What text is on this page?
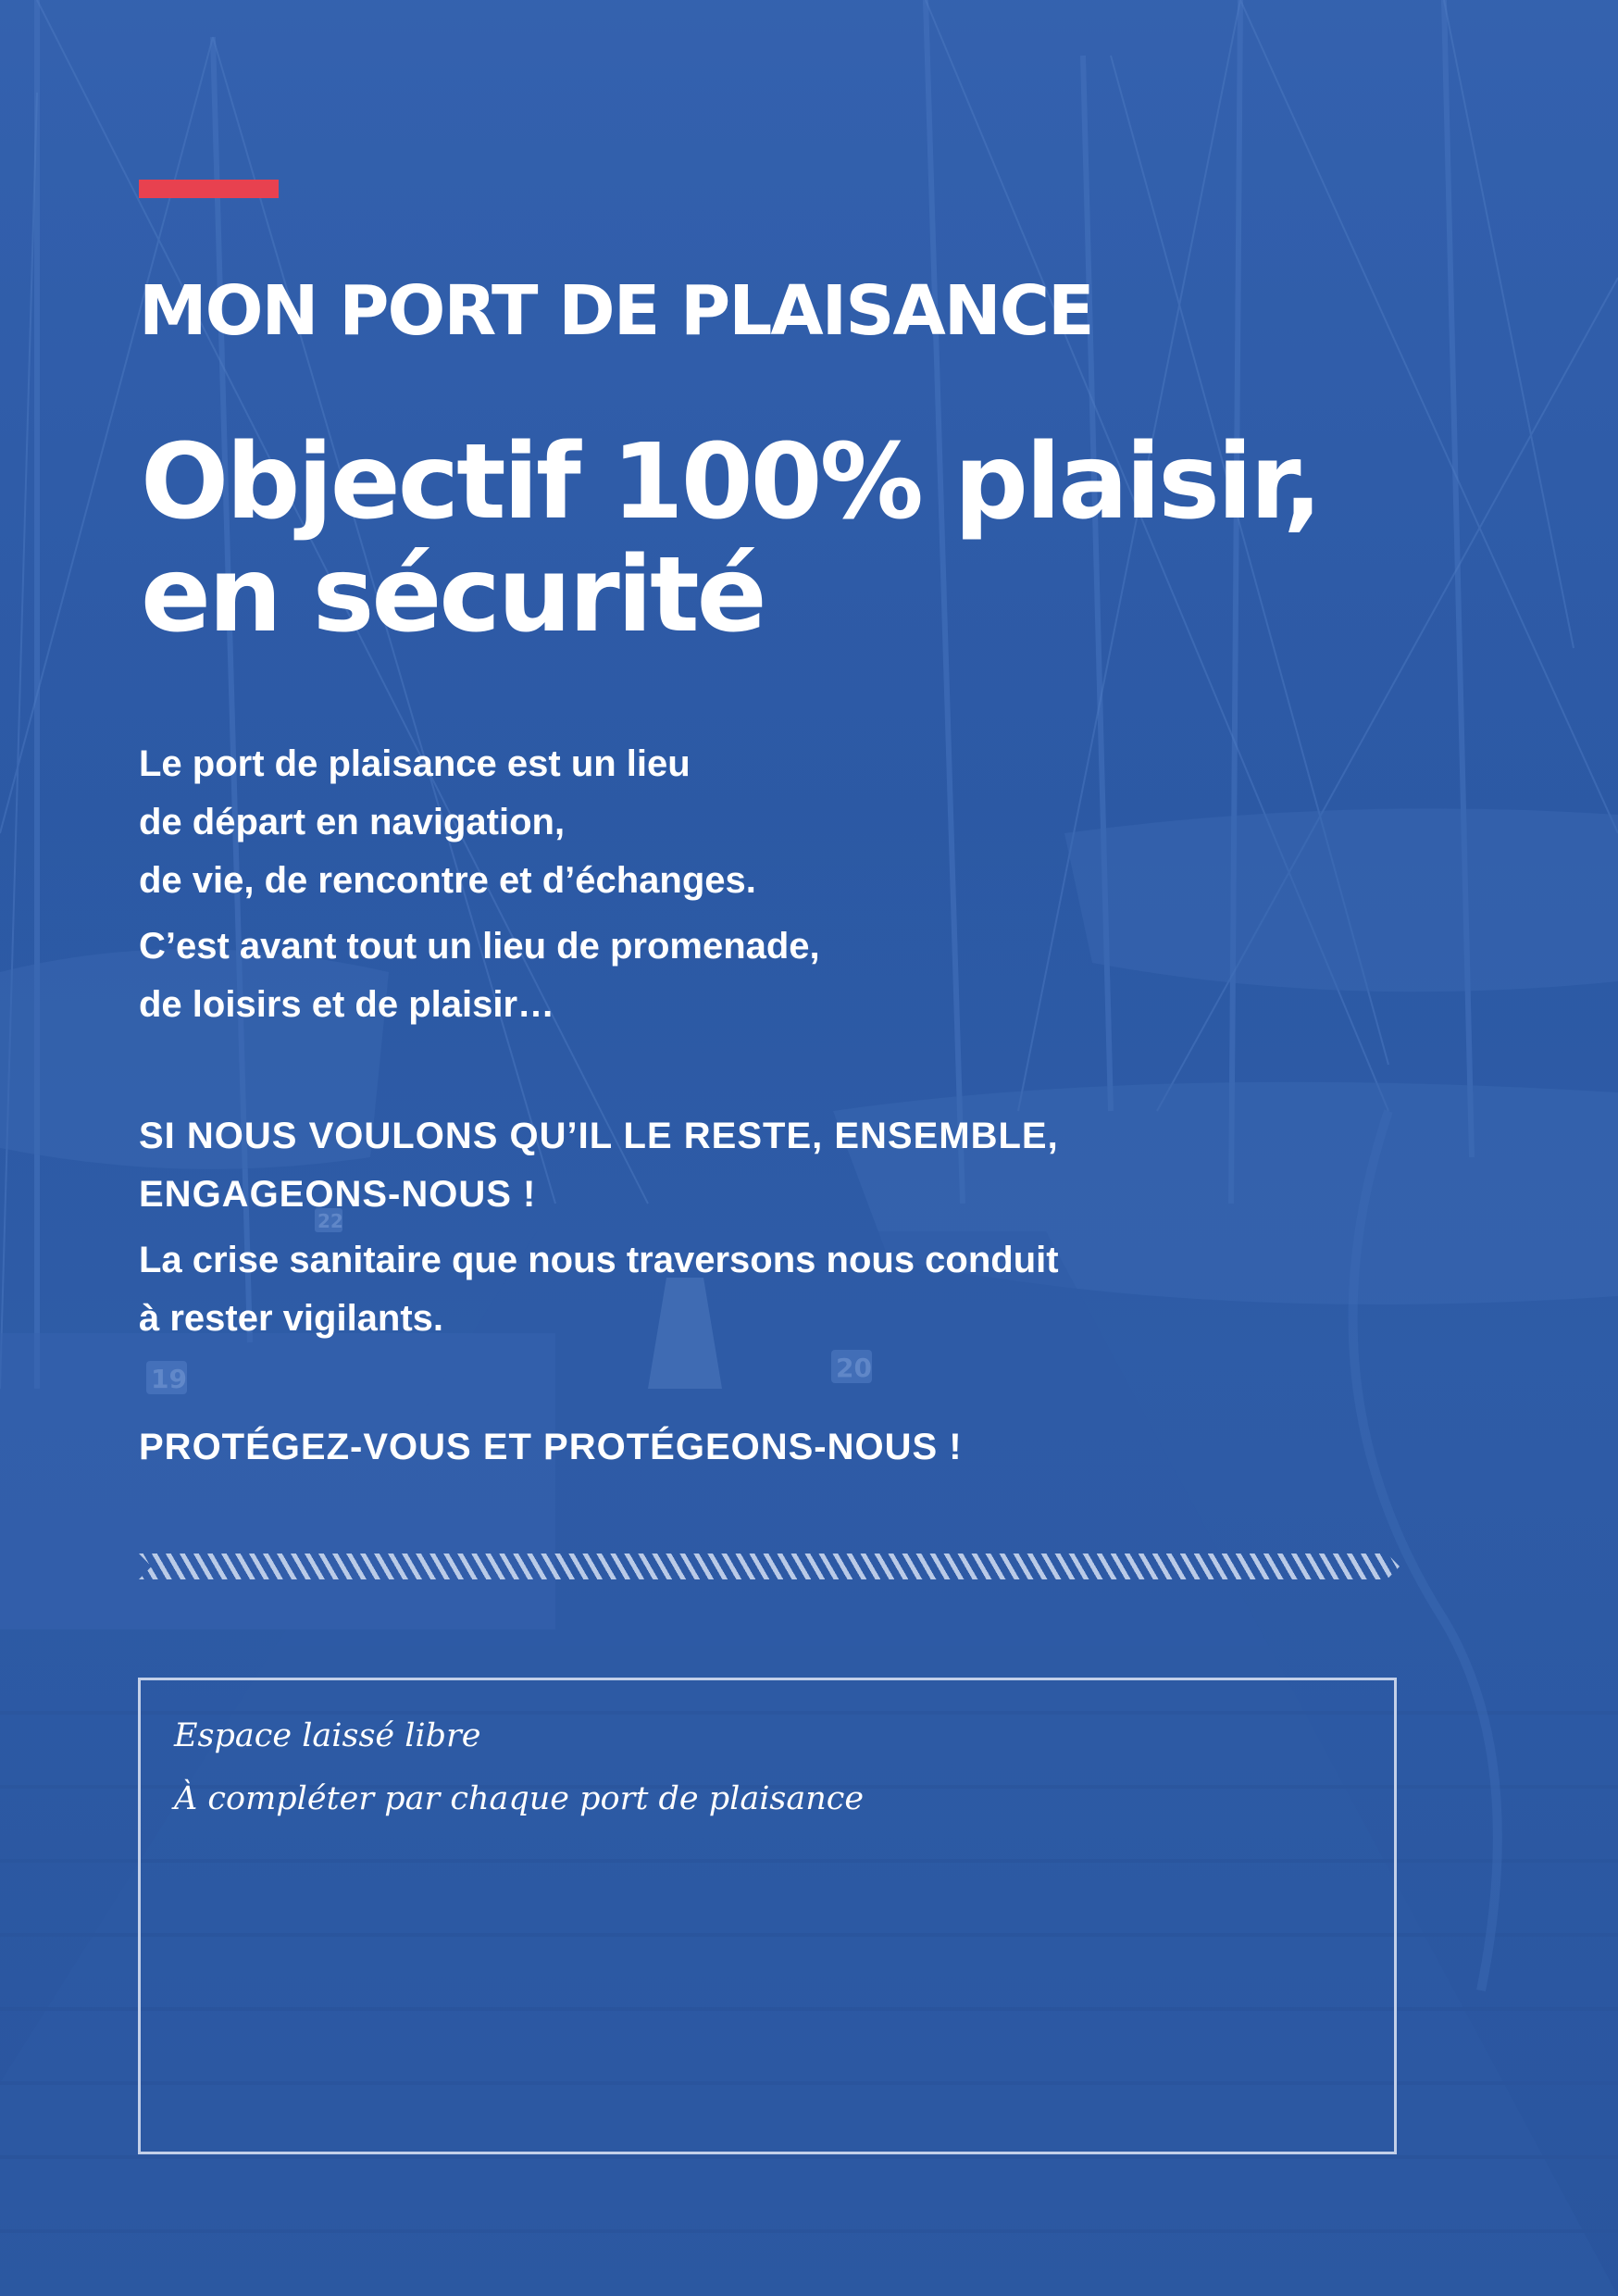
19	20
22
MON PORT DE PLAISANCE
Objectif 100% plaisir,
en sécurité

Le port de plaisance est un lieu
de départ en navigation,
de vie, de rencontre et d’échanges.

C’est avant tout un lieu de promenade,
de loisirs et de plaisir…

SI NOUS VOULONS QU’IL LE RESTE, ENSEMBLE,
ENGAGEONS-NOUS !

La crise sanitaire que nous traversons nous conduit
à rester vigilants.

PROTÉGEZ-VOUS ET PROTÉGEONS-NOUS !

Espace laissé libre

À compléter par chaque port de plaisance
